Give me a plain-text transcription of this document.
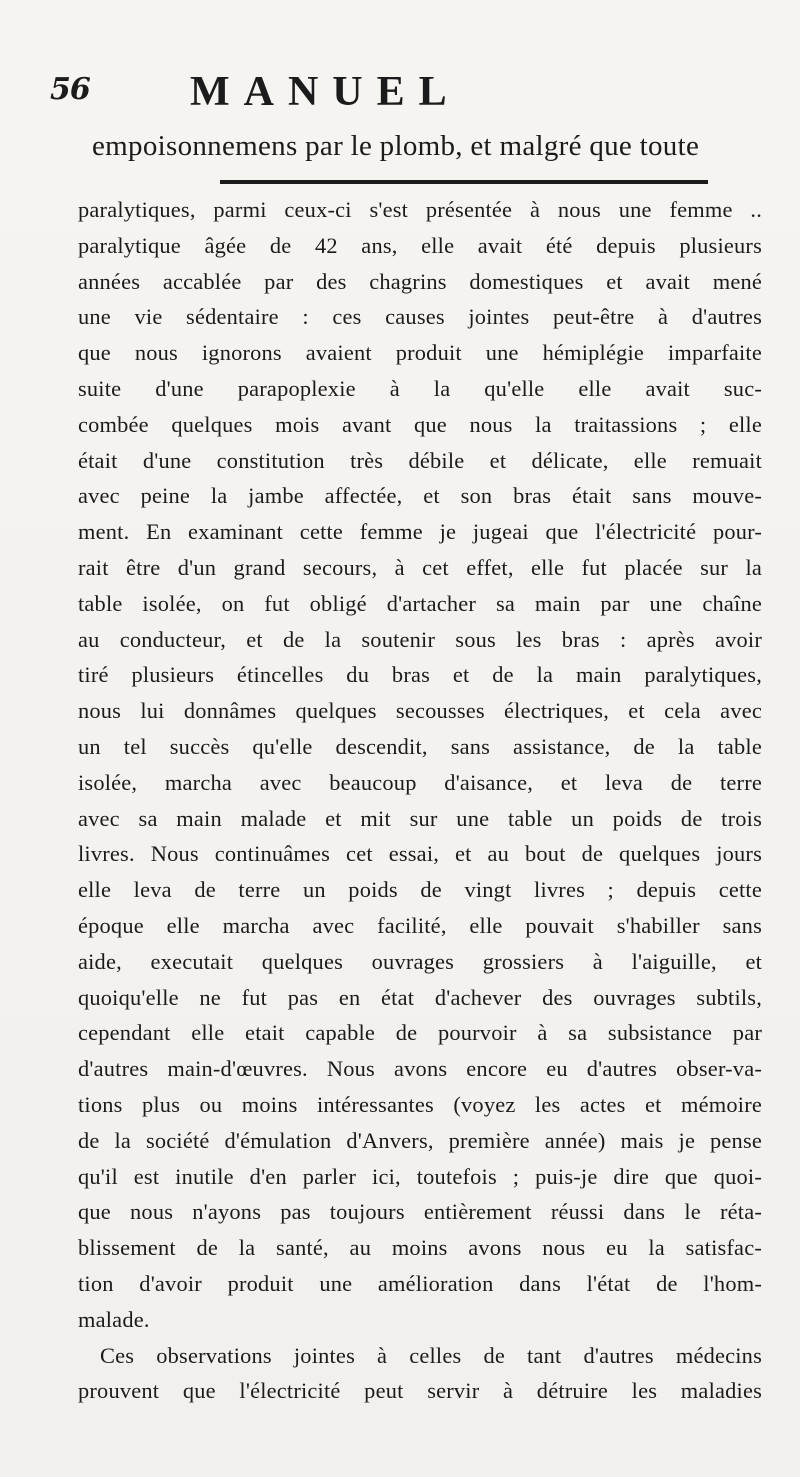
56 MANUEL
empoisonnemens par le plomb, et malgré que toute
paralytiques, parmi ceux-ci s'est présentée à nous une femme ..
paralytique âgée de 42 ans, elle avait été depuis plusieurs
années accablée par des chagrins domestiques et avait mené
une vie sédentaire : ces causes jointes peut-être à d'autres
que nous ignorons avaient produit une hémiplégie imparfaite
suite d'une parapoplexie à la qu'elle elle avait suc-
combée quelques mois avant que nous la traitassions ; elle
était d'une constitution très débile et délicate, elle remuait
avec peine la jambe affectée, et son bras était sans mouve-
ment. En examinant cette femme je jugeai que l'électricité pour-
rait être d'un grand secours, à cet effet, elle fut placée sur la
table isolée, on fut obligé d'artacher sa main par une chaîne
au conducteur, et de la soutenir sous les bras : après avoir
tiré plusieurs étincelles du bras et de la main paralytiques,
nous lui donnâmes quelques secousses électriques, et cela avec
un tel succès qu'elle descendit, sans assistance, de la table
isolée, marcha avec beaucoup d'aisance, et leva de terre
avec sa main malade et mit sur une table un poids de trois
livres. Nous continuâmes cet essai, et au bout de quelques jours
elle leva de terre un poids de vingt livres ; depuis cette
époque elle marcha avec facilité, elle pouvait s'habiller sans
aide, executait quelques ouvrages grossiers à l'aiguille, et
quoiqu'elle ne fut pas en état d'achever des ouvrages subtils,
cependant elle etait capable de pourvoir à sa subsistance par
d'autres main-d'œuvres. Nous avons encore eu d'autres obser-va-
tions plus ou moins intéressantes (voyez les actes et mémoire
de la société d'émulation d'Anvers, première année) mais je pense
qu'il est inutile d'en parler ici, toutefois ; puis-je dire que quoi-
que nous n'ayons pas toujours entièrement réussi dans le réta-
blissement de la santé, au moins avons nous eu la satisfac-
tion d'avoir produit une amélioration dans l'état de l'hom-
malade.
Ces observations jointes à celles de tant d'autres médecins
prouvent que l'électricité peut servir à détruire les maladies
